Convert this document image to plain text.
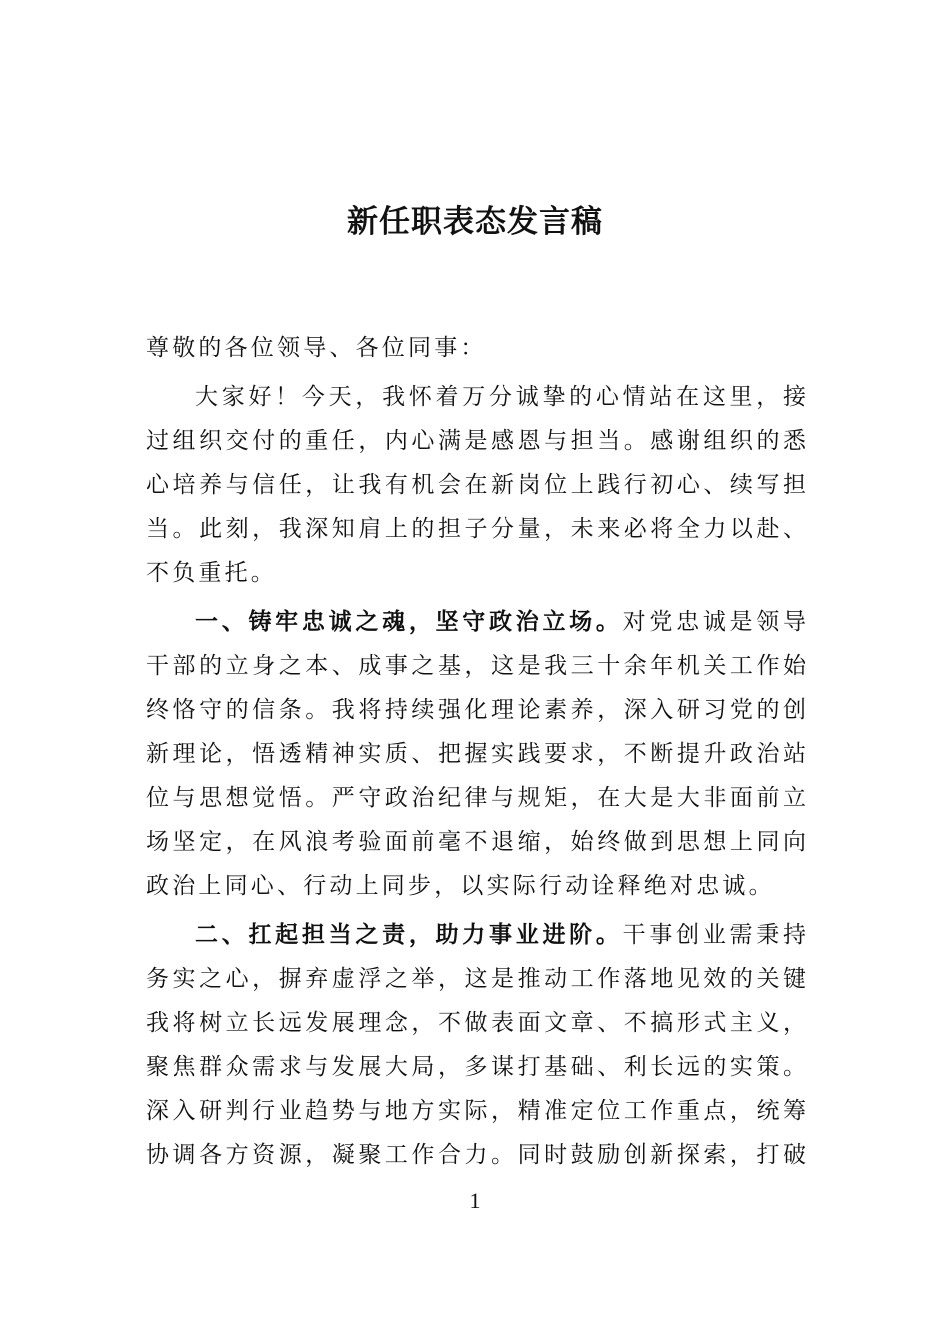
新任职表态发言稿
尊敬的各位领导、各位同事：
大家好！今天，我怀着万分诚挚的心情站在这里，接
过组织交付的重任，内心满是感恩与担当。感谢组织的悉
心培养与信任，让我有机会在新岗位上践行初心、续写担
当。此刻，我深知肩上的担子分量，未来必将全力以赴、
不负重托。
一、铸牢忠诚之魂，坚守政治立场。对党忠诚是领导
干部的立身之本、成事之基，这是我三十余年机关工作始
终恪守的信条。我将持续强化理论素养，深入研习党的创
新理论，悟透精神实质、把握实践要求，不断提升政治站
位与思想觉悟。严守政治纪律与规矩，在大是大非面前立
场坚定，在风浪考验面前毫不退缩，始终做到思想上同向
政治上同心、行动上同步，以实际行动诠释绝对忠诚。
二、扛起担当之责，助力事业进阶。干事创业需秉持
务实之心，摒弃虚浮之举，这是推动工作落地见效的关键
我将树立长远发展理念，不做表面文章、不搞形式主义，
聚焦群众需求与发展大局，多谋打基础、利长远的实策。
深入研判行业趋势与地方实际，精准定位工作重点，统筹
协调各方资源，凝聚工作合力。同时鼓励创新探索，打破
1
